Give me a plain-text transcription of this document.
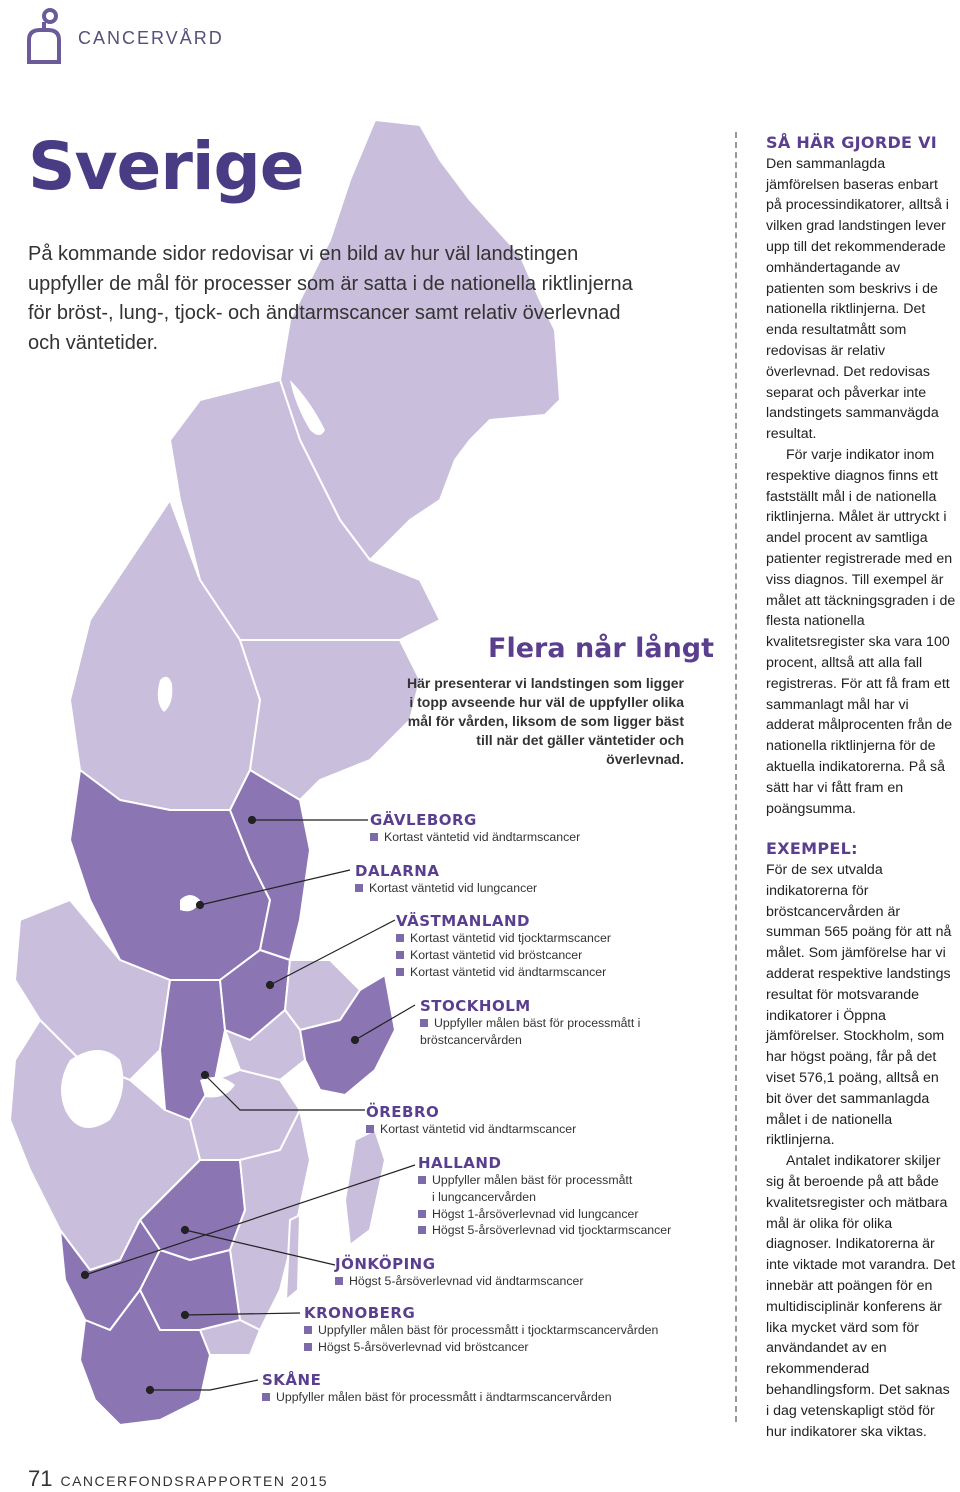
CANCERVÅRD
Sverige
På kommande sidor redovisar vi en bild av hur väl landstingen uppfyller de mål för processer som är satta i de nationella riktlinjerna för bröst-, lung-, tjock- och ändtarmscancer samt relativ överlevnad och väntetider.
Flera når långt
Här presenterar vi landstingen som ligger i topp avseende hur väl de uppfyller olika mål för vården, liksom de som ligger bäst till när det gäller väntetider och överlevnad.
GÄVLEBORG
Kortast väntetid vid ändtarmscancer
DALARNA
Kortast väntetid vid lungcancer
VÄSTMANLAND
Kortast väntetid vid tjocktarmscancer
Kortast väntetid vid bröstcancer
Kortast väntetid vid ändtarmscancer
STOCKHOLM
Uppfyller målen bäst för processmått i
bröstcancervården
ÖREBRO
Kortast väntetid vid ändtarmscancer
HALLAND
Uppfyller målen bäst för processmått
i lungcancervården
Högst 1-årsöverlevnad vid lungcancer
Högst 5-årsöverlevnad vid tjocktarmscancer
JÖNKÖPING
Högst 5-årsöverlevnad vid ändtarmscancer
KRONOBERG
Uppfyller målen bäst för processmått i tjocktarmscancervården
Högst 5-årsöverlevnad vid bröstcancer
SKÅNE
Uppfyller målen bäst för processmått i ändtarmscancervården
SÅ HÄR GJORDE VI

Den sammanlagda jämförelsen baseras enbart på processindikatorer, alltså i vilken grad landstingen lever upp till det rekommenderade omhändertagande av patienten som beskrivs i de nationella riktlinjerna. Det enda resultatmått som redovisas är relativ överlevnad. Det redovisas separat och påverkar inte landstingets sammanvägda resultat.

För varje indikator inom respektive diagnos finns ett fastställt mål i de nationella riktlinjerna. Målet är uttryckt i andel procent av samtliga patienter registrerade med en viss diagnos. Till exempel är målet att täckningsgraden i de flesta nationella kvalitetsregister ska vara 100 procent, alltså att alla fall registreras. För att få fram ett sammanlagt mål har vi adderat målprocenten från de nationella riktlinjerna för de aktuella indikatorerna. På så sätt har vi fått fram en poängsumma.

EXEMPEL:

För de sex utvalda indikatorerna för bröstcancervården är summan 565 poäng för att nå målet. Som jämförelse har vi adderat respektive landstings resultat för motsvarande indikatorer i Öppna jämförelser. Stockholm, som har högst poäng, får på det viset 576,1 poäng, alltså en bit över det sammanlagda målet i de nationella riktlinjerna.

Antalet indikatorer skiljer sig åt beroende på att både kvalitetsregister och mätbara mål är olika för olika diagnoser. Indikatorerna är inte viktade mot varandra. Det innebär att poängen för en multidisciplinär konferens är lika mycket värd som för användandet av en rekommenderad behandlingsform. Det saknas i dag vetenskapligt stöd för hur indikatorer ska viktas.

71 CANCERFONDSRAPPORTEN 2015
